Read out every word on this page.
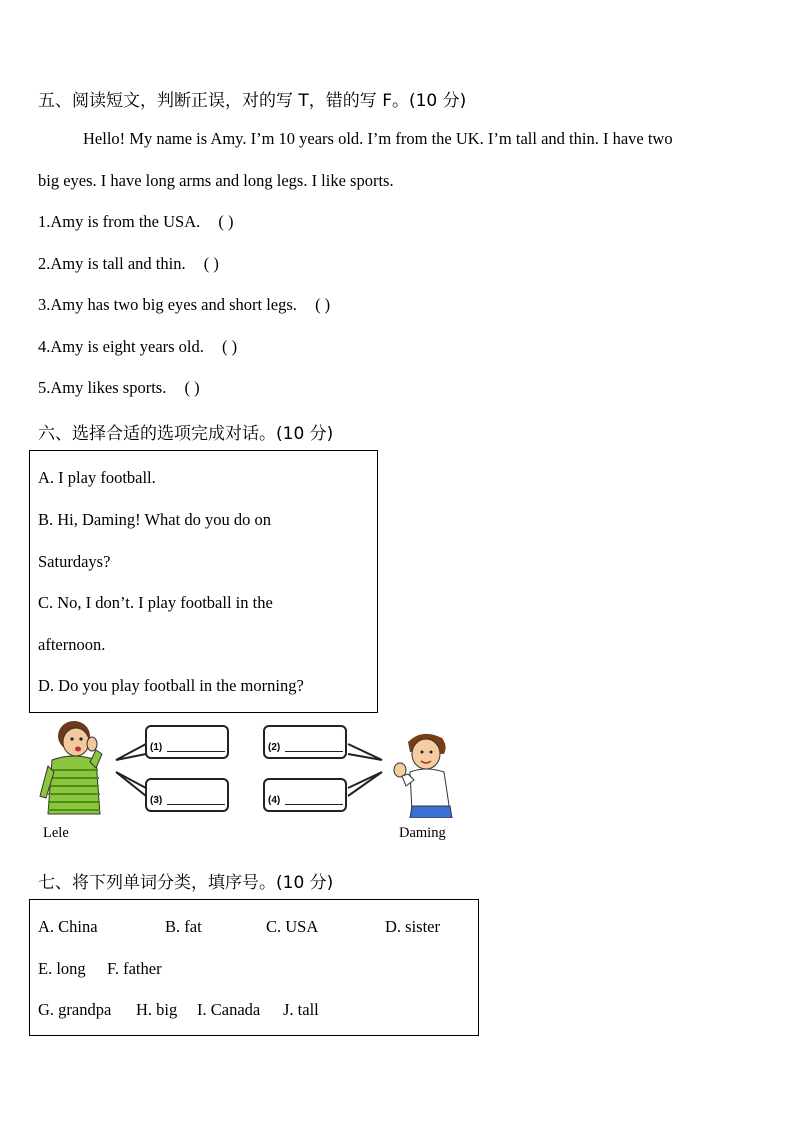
五、阅读短文，判断正误，对的写 T，错的写 F。(10 分)
Hello! My name is Amy. I’m 10 years old. I’m from the UK. I’m tall and thin. I have two
big eyes. I have long arms and long legs. I like sports.
1.Amy is from the USA. ( )
2.Amy is tall and thin. ( )
3.Amy has two big eyes and short legs. ( )
4.Amy is eight years old. ( )
5.Amy likes sports. ( )
六、选择合适的选项完成对话。(10 分)
A. I play football.
B. Hi, Daming! What do you do on
Saturdays?
C. No, I don’t. I play football in the
afternoon.
D. Do you play football in the morning?
(1)
(3)
(2)
(4)
Lele	Daming
七、将下列单词分类，填序号。(10 分)
A. China	B. fat	C. USA	D. sister
E. long F. father
G. grandpa H. big I. Canada J. tall
